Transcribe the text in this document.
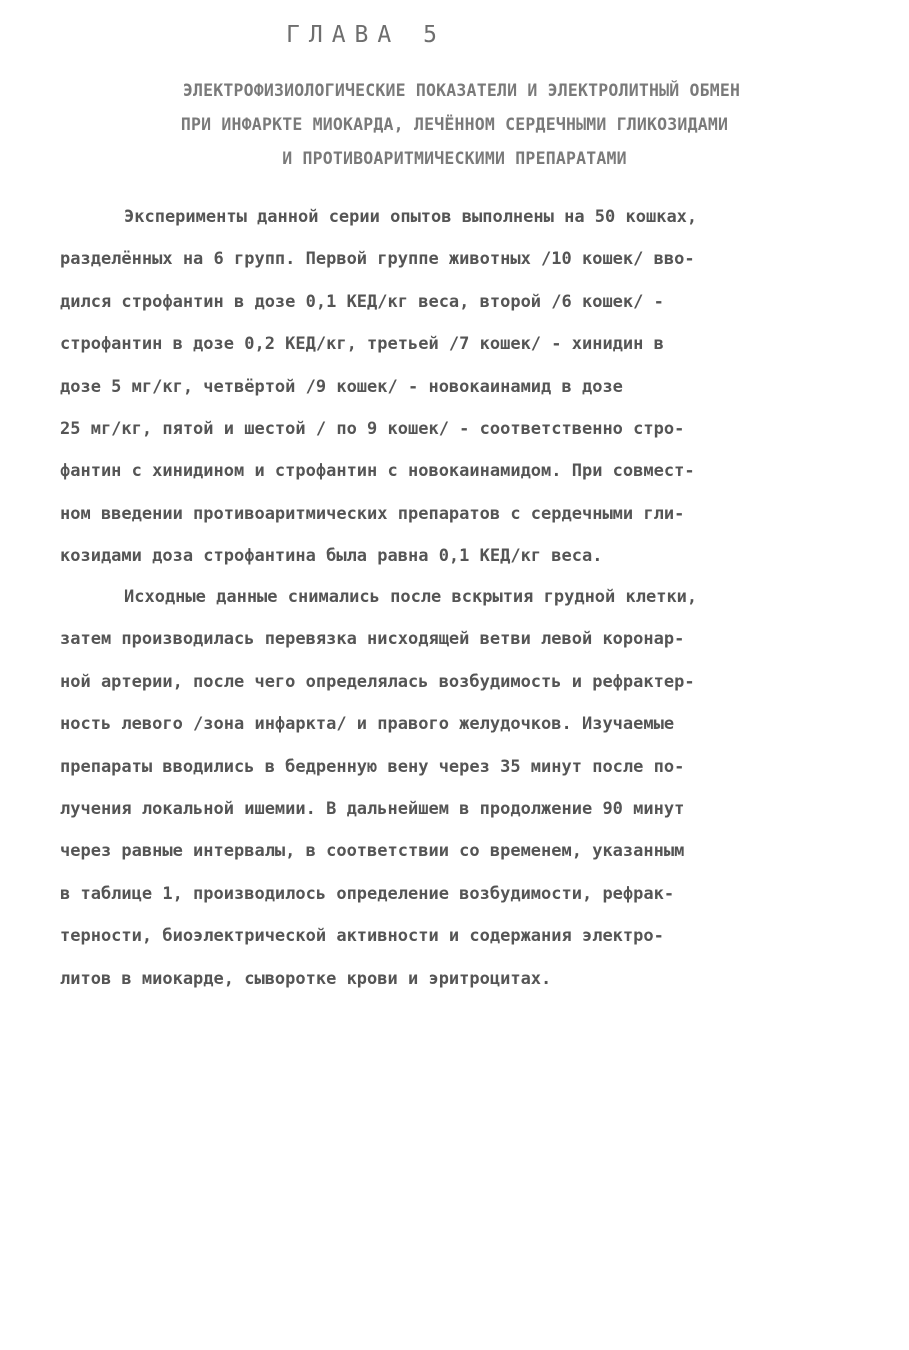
ГЛАВА 5
ЭЛЕКТРОФИЗИОЛОГИЧЕСКИЕ ПОКАЗАТЕЛИ И ЭЛЕКТРОЛИТНЫЙ ОБМЕН
ПРИ ИНФАРКТЕ МИОКАРДА, ЛЕЧЁННОМ СЕРДЕЧНЫМИ ГЛИКОЗИДАМИ
И ПРОТИВОАРИТМИЧЕСКИМИ ПРЕПАРАТАМИ
Эксперименты данной серии опытов выполнены на 50 кошках,
разделённых на 6 групп. Первой группе животных /10 кошек/ вво-
дился строфантин в дозе 0,1 КЕД/кг веса, второй /6 кошек/ -
строфантин в дозе 0,2 КЕД/кг, третьей /7 кошек/ - хинидин в
дозе 5 мг/кг, четвёртой /9 кошек/ - новокаинамид в дозе
25 мг/кг, пятой и шестой / по 9 кошек/ - соответственно стро-
фантин с хинидином и строфантин с новокаинамидом. При совмест-
ном введении противоаритмических препаратов с сердечными гли-
козидами доза строфантина была равна 0,1 КЕД/кг веса.
Исходные данные снимались после вскрытия грудной клетки,
затем производилась перевязка нисходящей ветви левой коронар-
ной артерии, после чего определялась возбудимость и рефрактер-
ность левого /зона инфаркта/ и правого желудочков. Изучаемые
препараты вводились в бедренную вену через 35 минут после по-
лучения локальной ишемии. В дальнейшем в продолжение 90 минут
через равные интервалы, в соответствии со временем, указанным
в таблице 1, производилось определение возбудимости, рефрак-
терности, биоэлектрической активности и содержания электро-
литов в миокарде, сыворотке крови и эритроцитах.
